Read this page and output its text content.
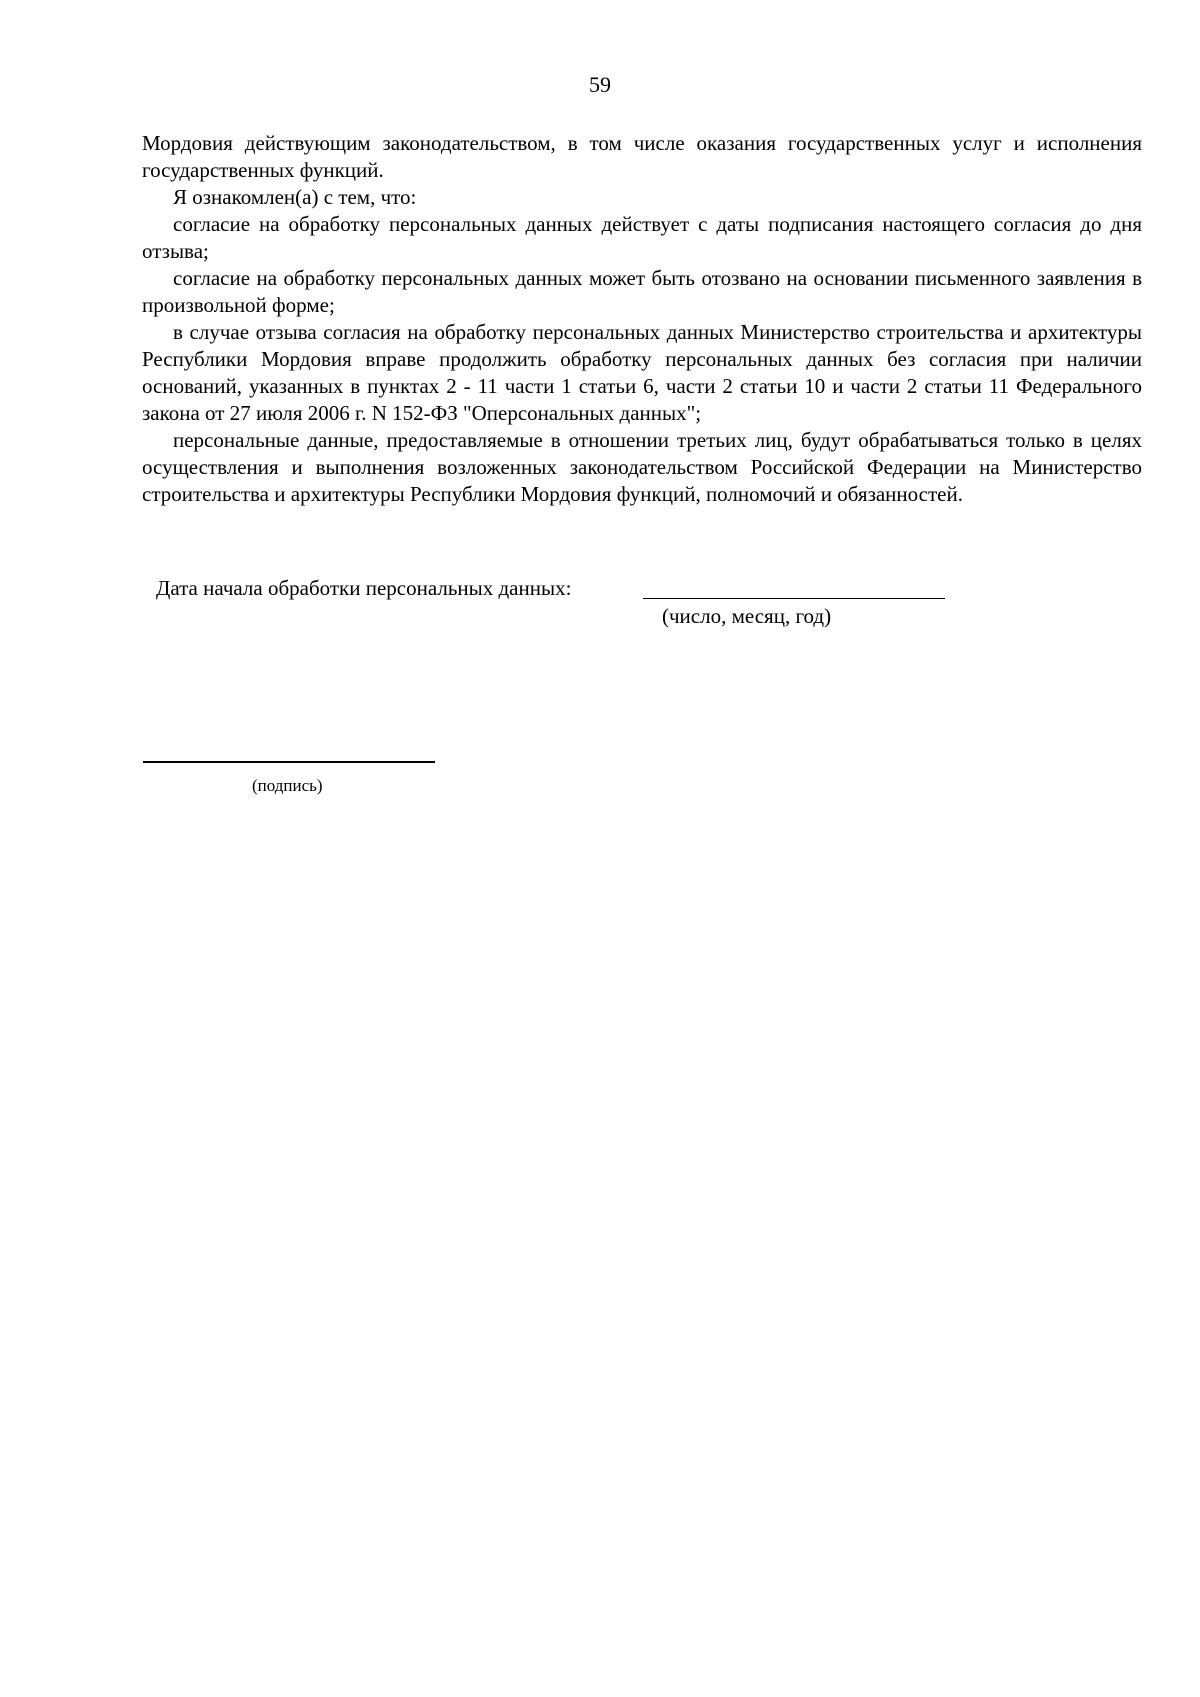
59

Мордовия действующим законодательством, в том числе оказания государственных услуг и исполнения государственных функций.

Я ознакомлен(а) с тем, что:

согласие на обработку персональных данных действует с даты подписания настоящего согласия до дня отзыва;

согласие на обработку персональных данных может быть отозвано на основании письменного заявления в произвольной форме;

в случае отзыва согласия на обработку персональных данных Министерство строительства и архитектуры Республики Мордовия вправе продолжить обработку персональных данных без согласия при наличии оснований, указанных в пунктах 2 - 11 части 1 статьи 6, части 2 статьи 10 и части 2 статьи 11 Федерального закона от 27 июля 2006 г. N 152-ФЗ "Оперсональных данных";

персональные данные, предоставляемые в отношении третьих лиц, будут обрабатываться только в целях осуществления и выполнения возложенных законодательством Российской Федерации на Министерство строительства и архитектуры Республики Мордовия функций, полномочий и обязанностей.

Дата начала обработки персональных данных:
(число, месяц, год)
(подпись)
